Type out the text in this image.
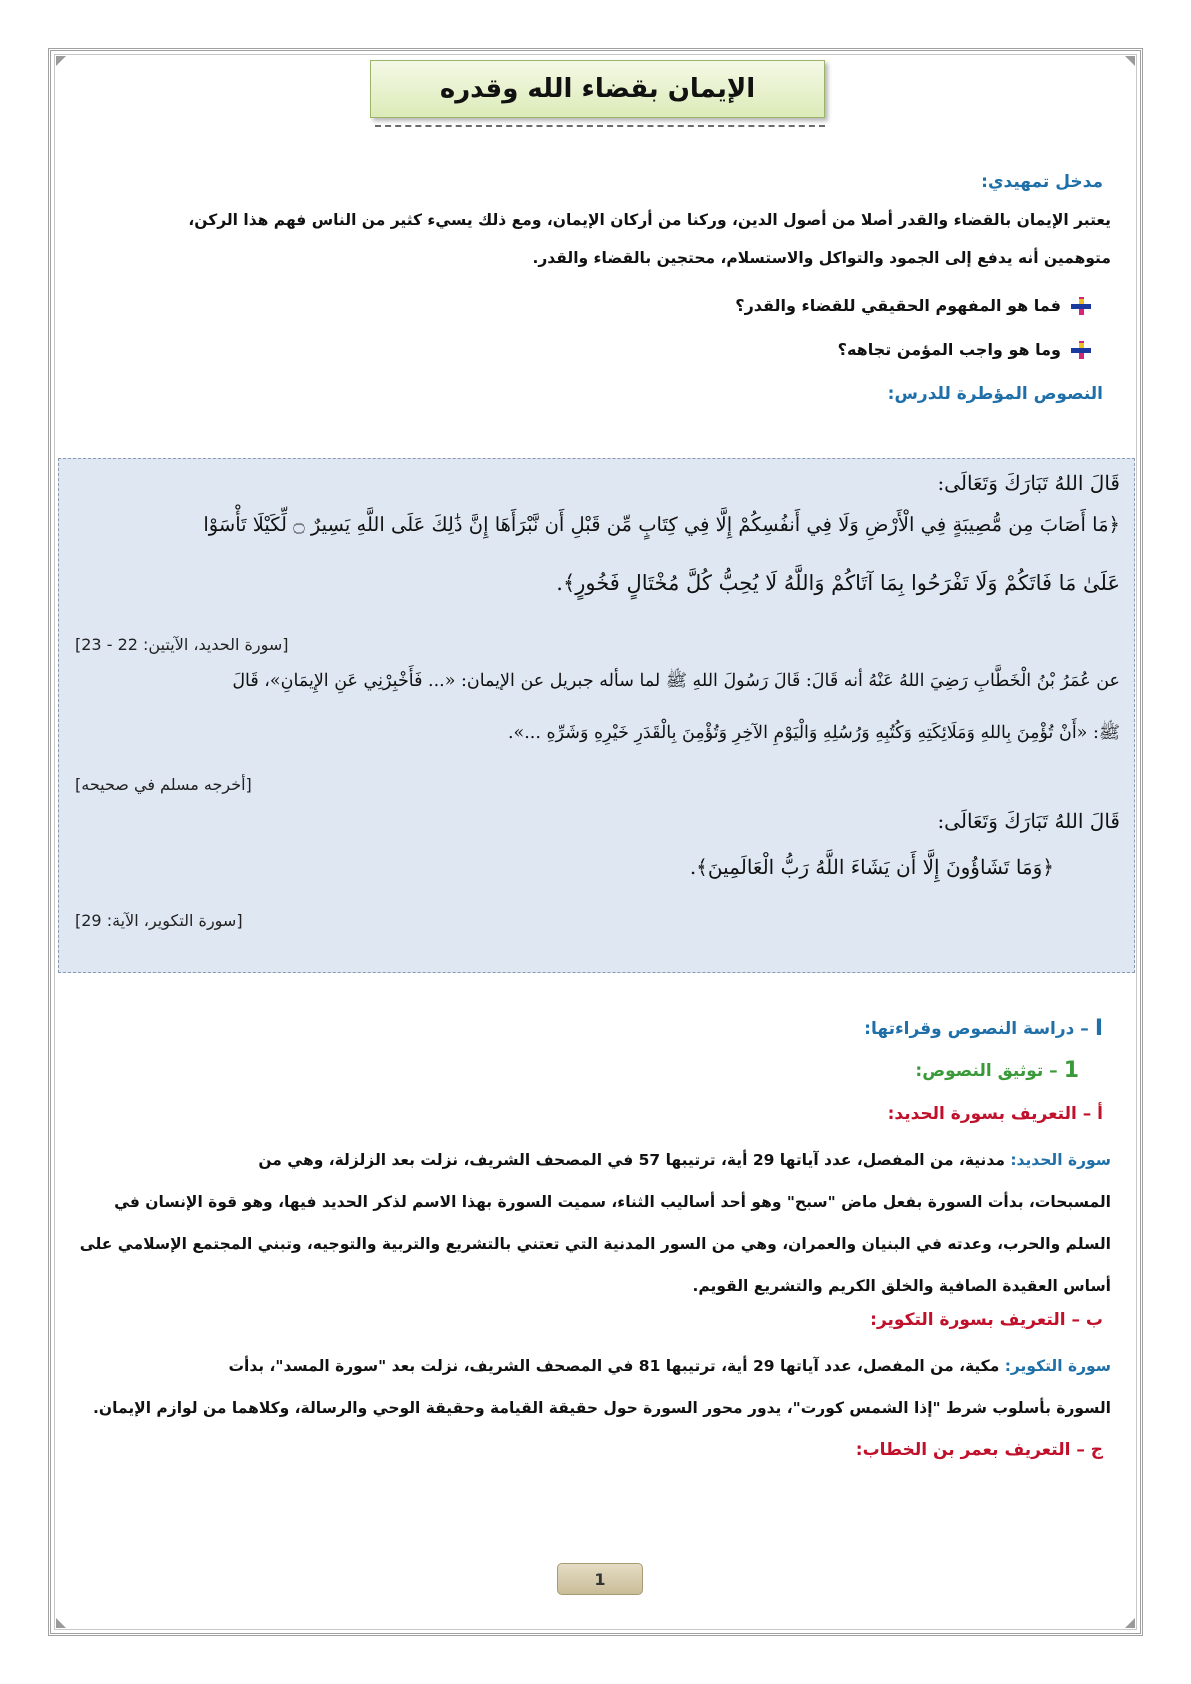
الإيمان بقضاء الله وقدره
مدخل تمهيدي:
يعتبر الإيمان بالقضاء والقدر أصلا من أصول الدين، وركنا من أركان الإيمان، ومع ذلك يسيء كثير من الناس فهم هذا الركن،
متوهمين أنه يدفع إلى الجمود والتواكل والاستسلام، محتجين بالقضاء والقدر.
فما هو المفهوم الحقيقي للقضاء والقدر؟
وما هو واجب المؤمن تجاهه؟
النصوص المؤطرة للدرس:
قَالَ اللهُ تَبَارَكَ وَتَعَالَى:
﴿مَا أَصَابَ مِن مُّصِيبَةٍ فِي الْأَرْضِ وَلَا فِي أَنفُسِكُمْ إِلَّا فِي كِتَابٍ مِّن قَبْلِ أَن نَّبْرَأَهَا إِنَّ ذَٰلِكَ عَلَى اللَّهِ يَسِيرٌ ۝ لِّكَيْلَا تَأْسَوْا
عَلَىٰ مَا فَاتَكُمْ وَلَا تَفْرَحُوا بِمَا آتَاكُمْ وَاللَّهُ لَا يُحِبُّ كُلَّ مُخْتَالٍ فَخُورٍ﴾.
[سورة الحديد، الآيتين: 22 - 23]
عن عُمَرُ بْنُ الْخَطَّابِ رَضِيَ اللهُ عَنْهُ أنه قَالَ: قَالَ رَسُولَ اللهِ ﷺ لما سأله جبريل عن الإيمان: «... فَأَخْبِرْنِي عَنِ الإِيمَانِ»، قَالَ
ﷺ: «أَنْ تُؤْمِنَ بِاللهِ وَمَلَائِكَتِهِ وَكُتُبِهِ وَرُسُلِهِ وَالْيَوْمِ الآخِرِ وَتُؤْمِنَ بِالْقَدَرِ خَيْرِهِ وَشَرِّهِ ...».
[أخرجه مسلم في صحيحه]
قَالَ اللهُ تَبَارَكَ وَتَعَالَى:
﴿وَمَا تَشَاؤُونَ إِلَّا أَن يَشَاءَ اللَّهُ رَبُّ الْعَالَمِينَ﴾.
[سورة التكوير، الآية: 29]
I
– دراسة النصوص وقراءتها:
1
– توثيق النصوص:
أ – التعريف بسورة الحديد:
سورة الحديد: مدنية، من المفصل، عدد آياتها 29 أية، ترتيبها 57 في المصحف الشريف، نزلت بعد الزلزلة، وهي من
المسبحات، بدأت السورة بفعل ماض "سبح" وهو أحد أساليب الثناء، سميت السورة بهذا الاسم لذكر الحديد فيها، وهو قوة الإنسان في
السلم والحرب، وعدته في البنيان والعمران، وهي من السور المدنية التي تعتني بالتشريع والتربية والتوجيه، وتبني المجتمع الإسلامي على
أساس العقيدة الصافية والخلق الكريم والتشريع القويم.
ب – التعريف بسورة التكوير:
سورة التكوير: مكية، من المفصل، عدد آياتها 29 أية، ترتيبها 81 في المصحف الشريف، نزلت بعد "سورة المسد"، بدأت
السورة بأسلوب شرط "إذا الشمس كورت"، يدور محور السورة حول حقيقة القيامة وحقيقة الوحي والرسالة، وكلاهما من لوازم الإيمان.
ج – التعريف بعمر بن الخطاب:
1
